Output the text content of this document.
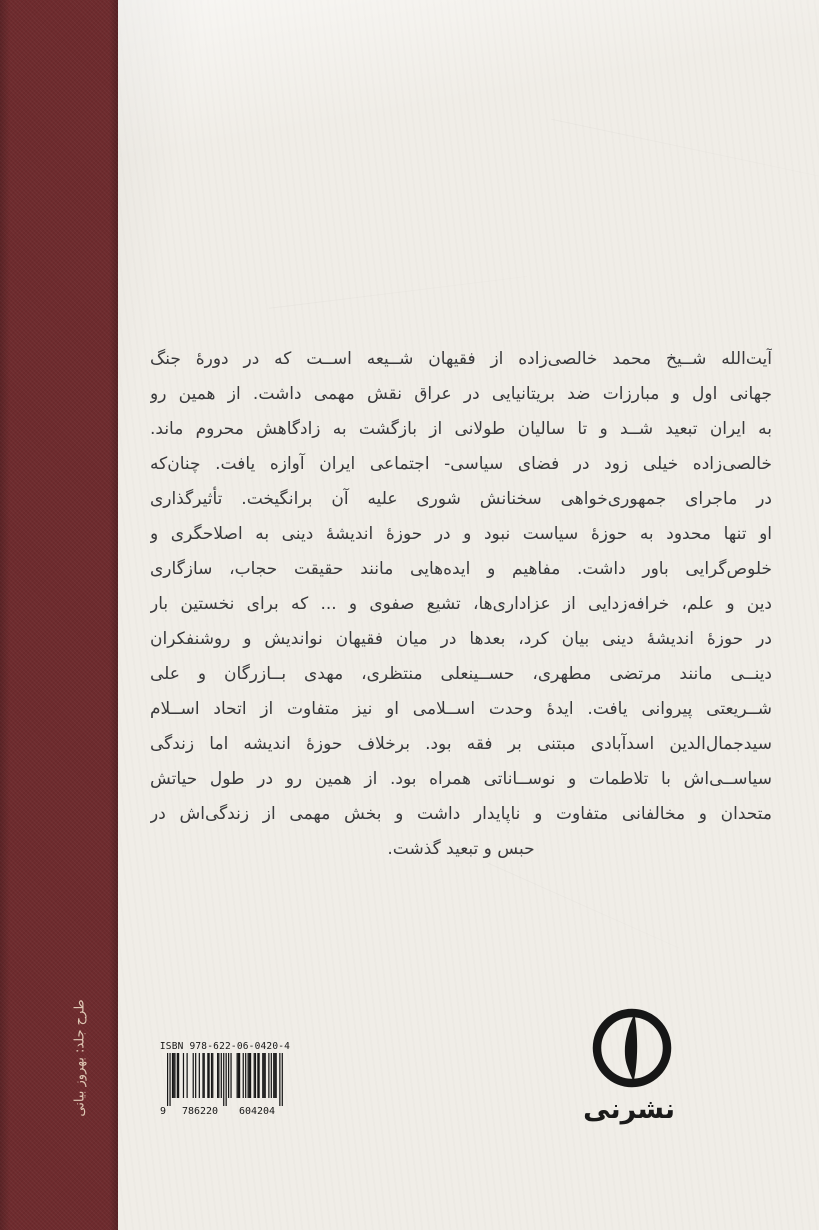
طرح جلد: بهروز بیانی
آیت‌الله شــیخ محمد خالصی‌زاده از فقیهان شــیعه اســت که در دورهٔ جنگ
جهانی اول و مبارزات ضد بریتانیایی در عراق نقش مهمی داشت. از همین رو
به ایران تبعید شــد و تا سالیان طولانی از بازگشت به زادگاهش محروم ماند.
خالصی‌زاده خیلی زود در فضای سیاسی- اجتماعی ایران آوازه یافت. چنان‌که
در ماجرای جمهوری‌خواهی سخنانش شوری علیه آن برانگیخت. تأثیرگذاری
او تنها محدود به حوزهٔ سیاست نبود و در حوزهٔ اندیشهٔ دینی به اصلاحگری و
خلوص‌گرایی باور داشت. مفاهیم و ایده‌هایی مانند حقیقت حجاب، سازگاری
دین و علم، خرافه‌زدایی از عزاداری‌ها، تشیع صفوی و ... که برای نخستین بار
در حوزهٔ اندیشهٔ دینی بیان کرد، بعدها در میان فقیهان نواندیش و روشنفکران
دینــی مانند مرتضی مطهری، حســینعلی منتظری، مهدی بــازرگان و علی
شــریعتی پیروانی یافت. ایدهٔ وحدت اســلامی او نیز متفاوت از اتحاد اســلام
سیدجمال‌الدین اسدآبادی مبتنی بر فقه بود. برخلاف حوزهٔ اندیشه اما زندگی
سیاســی‌اش با تلاطمات و نوســاناتی همراه بود. از همین رو در طول حیاتش
متحدان و مخالفانی متفاوت و ناپایدار داشت و بخش مهمی از زندگی‌اش در
حبس و تبعید گذشت.
ISBN 978-622-06-0420-4
9 786220 604204	نشرنی
